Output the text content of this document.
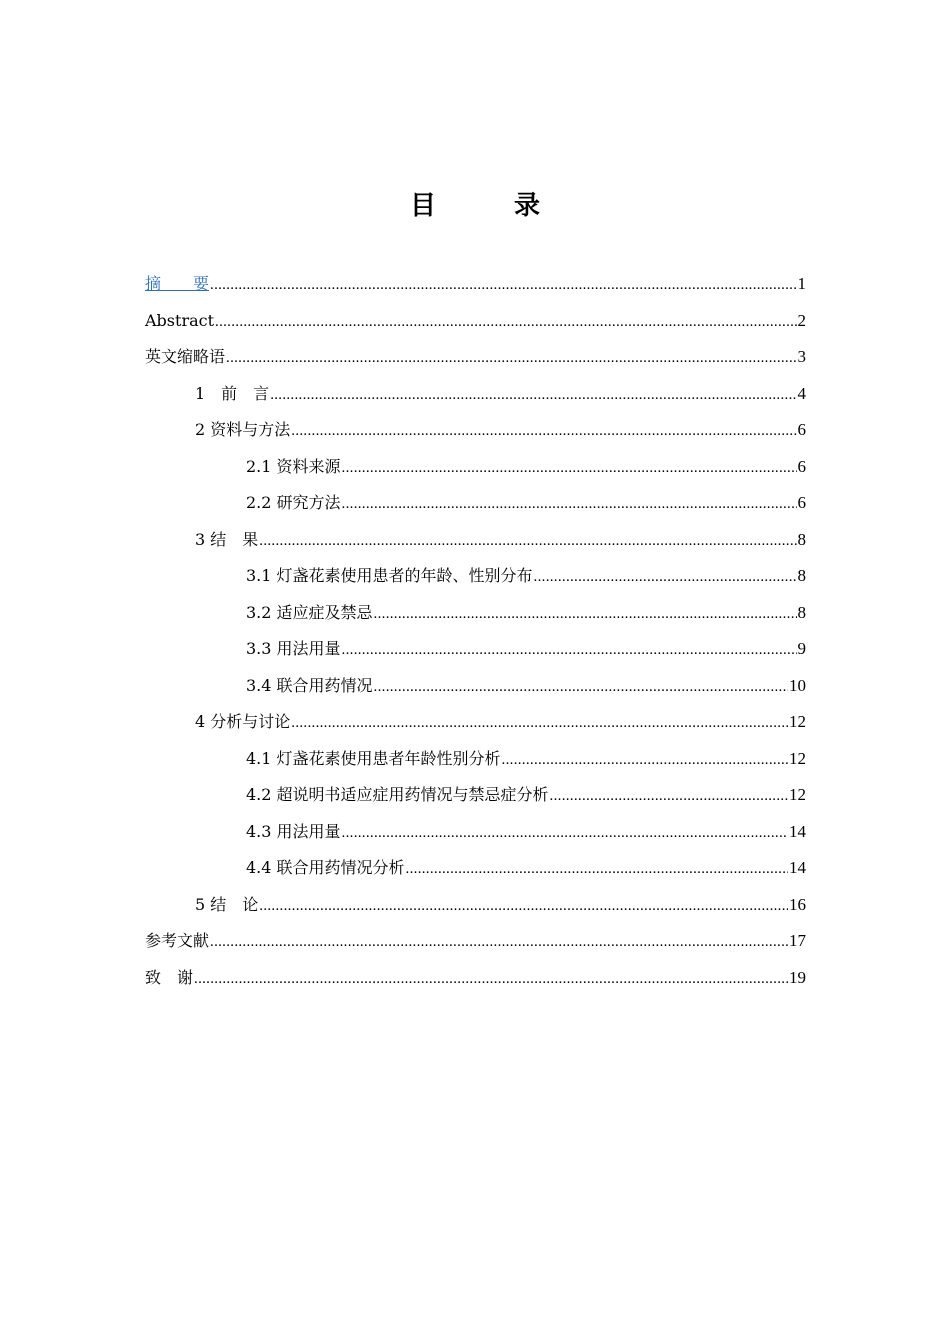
目　录
摘　　要 .....	1
Abstract .....	2
英文缩略语 .....	3
1　前　言 .....	4
2 资料与方法 .....	6
2.1 资料来源 .....	6
2.2 研究方法 .....	6
3 结　果 .....	8
3.1 灯盏花素使用患者的年龄、性别分布 .....	8
3.2 适应症及禁忌 .....	8
3.3 用法用量 .....	9
3.4 联合用药情况 .....	10
4 分析与讨论 .....	12
4.1 灯盏花素使用患者年龄性别分析 .....	12
4.2 超说明书适应症用药情况与禁忌症分析 .....	12
4.3 用法用量 .....	14
4.4 联合用药情况分析 .....	14
5 结　论 .....	16
参考文献 .....	17
致　谢 .....	19
